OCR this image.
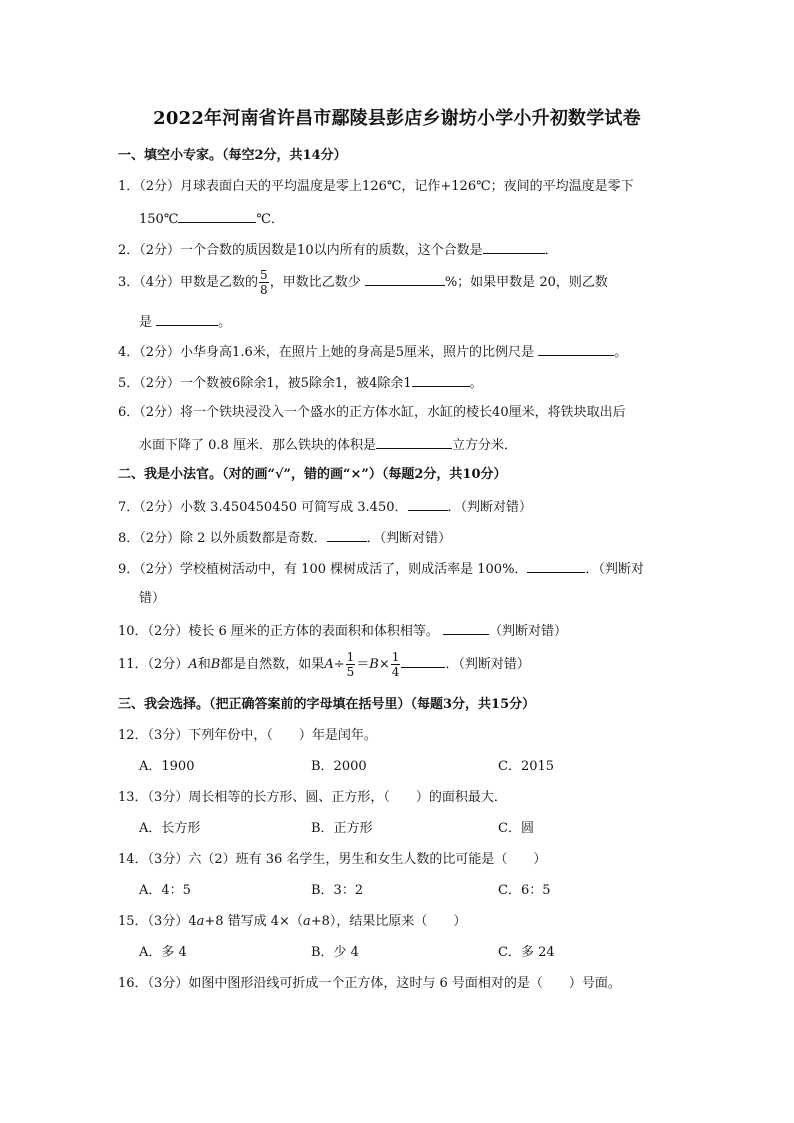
2022年河南省许昌市鄢陵县彭店乡谢坊小学小升初数学试卷
一、填空小专家。（每空2分，共14分）
1．（2分）月球表面白天的平均温度是零上126℃，记作+126℃；夜间的平均温度是零下
150℃	℃．
2．（2分）一个合数的质因数是10以内所有的质数，这个合数是	．
3．（4分）甲数是乙数的 $\frac{5}{8}$ ，甲数比乙数少	%；如果甲数是 20，则乙数
是	。
4．（2分）小华身高1.6米，在照片上她的身高是5厘米，照片的比例尺是	。
5．（2分）一个数被6除余1，被5除余1，被4除余1	。
6．（2分）将一个铁块浸没入一个盛水的正方体水缸，水缸的棱长40厘米，将铁块取出后
水面下降了 0.8 厘米．那么铁块的体积是	立方分米．
二、我是小法官。（对的画“√”，错的画“×”）（每题2分，共10分）
7．（2分）小数 3.450450450 可简写成 3.450．	．（判断对错）
8．（2分）除 2 以外质数都是奇数．	．（判断对错）
9．（2分）学校植树活动中，有 100 棵树成活了，则成活率是 100%．	．（判断对
错）
10．（2分）棱长 6 厘米的正方体的表面积和体积相等。	（判断对错）
11．（2分）A和B都是自然数，如果$A\div \frac{1}{5} =B\times \frac{1}{4}$	．（判断对错）
三、我会选择。（把正确答案前的字母填在括号里）（每题3分，共15分）
12．（3分）下列年份中，（ ）年是闰年。
A．1900	B．2000	C．2015
13．（3分）周长相等的长方形、圆、正方形，（ ）的面积最大．
A．长方形	B．正方形	C．圆
14．（3分）六（2）班有 36 名学生，男生和女生人数的比可能是（ ）
A．4：5	B．3：2	C．6：5
15．（3分）4a+8 错写成 4×（a+8），结果比原来（ ）
A．多 4	B．少 4	C．多 24
16．（3分）如图中图形沿线可折成一个正方体，这时与 6 号面相对的是（ ）号面。
